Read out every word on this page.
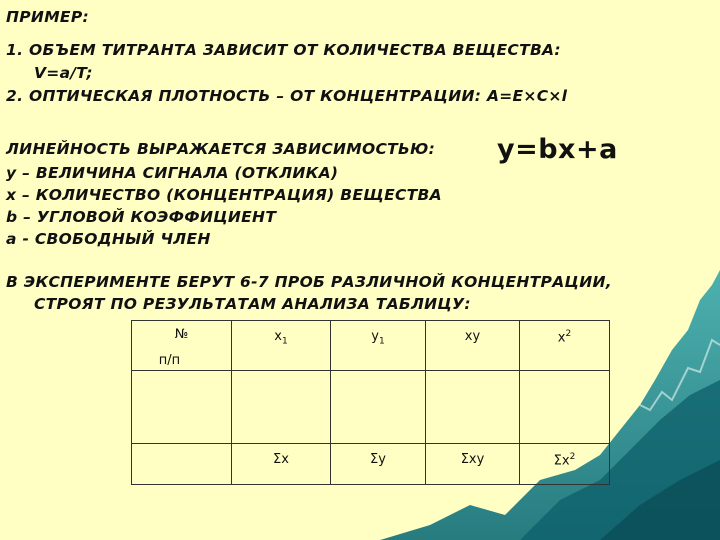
ПРИМЕР:
1. ОБЪЕМ ТИТРАНТА ЗАВИСИТ ОТ КОЛИЧЕСТВА ВЕЩЕСТВА:
V=a/T;
2. ОПТИЧЕСКАЯ ПЛОТНОСТЬ – ОТ КОНЦЕНТРАЦИИ: A=E×C×l
ЛИНЕЙНОСТЬ ВЫРАЖАЕТСЯ ЗАВИСИМОСТЬЮ: y=bx+a
y – ВЕЛИЧИНА СИГНАЛА (ОТКЛИКА)
x – КОЛИЧЕСТВО (КОНЦЕНТРАЦИЯ) ВЕЩЕСТВА
b – УГЛОВОЙ КОЭФФИЦИЕНТ
a - СВОБОДНЫЙ ЧЛЕН
В ЭКСПЕРИМЕНТЕ БЕРУТ 6-7 ПРОБ РАЗЛИЧНОЙ КОНЦЕНТРАЦИИ,
СТРОЯТ ПО РЕЗУЛЬТАТАМ АНАЛИЗА ТАБЛИЦУ:
№
п/п	$x_1$	$y_1$	xy	$x^2$

	Σx	Σy	Σxy	$\Sigma x^2$
